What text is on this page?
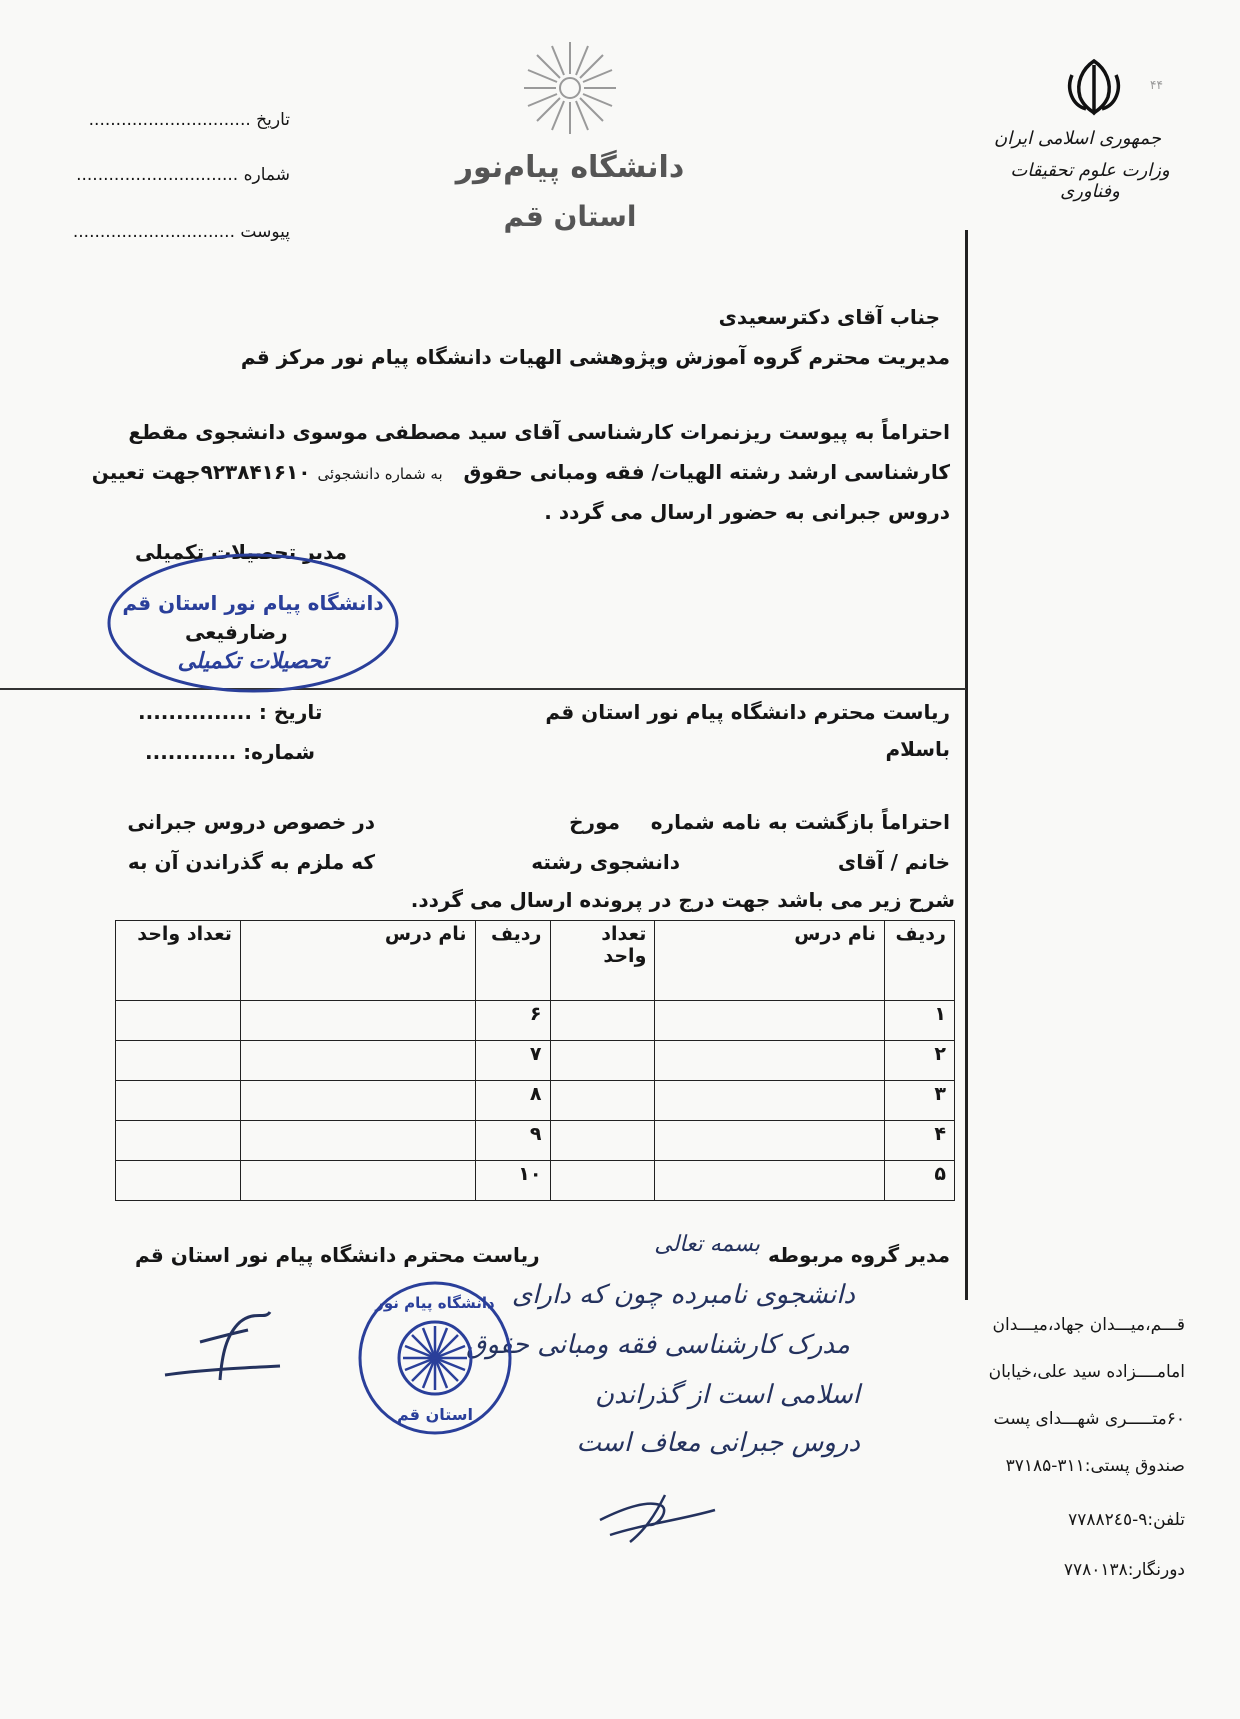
تاریخ ..............................
شماره ..............................
پیوست ..............................
دانشگاه پیام‌نور
استان قم
۴۴
جمهوری اسلامی ایران
وزارت علوم تحقیقات وفناوری
جناب آقای دکترسعیدی
مدیریت محترم گروه آموزش وپژوهشی الهیات دانشگاه پیام نور مرکز قم
احتراماً به پیوست ریزنمرات کارشناسی آقای سید مصطفی موسوی دانشجوی مقطع
کارشناسی ارشد رشته الهیات/ فقه ومبانی حقوق   به شماره دانشجوئی ۹۲۳۸۴۱۶۱۰جهت تعیین
دروس جبرانی به حضور ارسال می گردد .
مدیر تحصیلات تکمیلی
دانشگاه پیام نور استان قم
تحصیلات تکمیلی
رضارفیعی
ریاست محترم دانشگاه پیام نور استان قم
باسلام
تاریخ : ...............
شماره: ............
احتراماً بازگشت به نامه شماره
مورخ
در خصوص دروس جبرانی
خانم / آقای
دانشجوی رشته
که ملزم به گذراندن آن به
شرح زیر می باشد جهت درج در پرونده ارسال می گردد.
ردیف	نام درس	تعداد واحد	ردیف	نام درس	تعداد واحد
۱			۶		
۲			۷		
۳			۸		
۴			۹		
۵			۱۰		
مدیر گروه مربوطه
ریاست محترم دانشگاه پیام نور استان قم	بسمه تعالی
دانشجوی نامبرده چون که دارای
مدرک کارشناسی فقه ومبانی حقوق
اسلامی است از گذراندن
دروس جبرانی معاف است
دانشگاه پیام نور
استان قم
قـــم،میـــدان جهاد،میـــدان
امامــــزاده سید علی،خیابان
۶۰متـــــری شهـــدای پست
صندوق پستی:۳۱۱-۳۷۱۸۵
تلفن:۹-۷۷۸۸۲٤٥
دورنگار:۷۷۸۰۱۳۸
